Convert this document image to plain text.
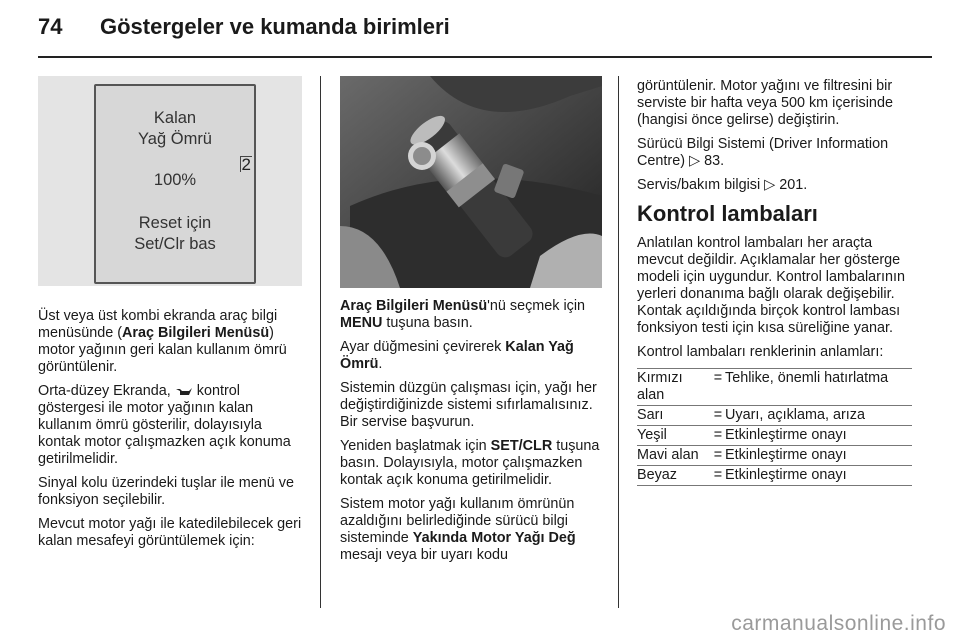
74 Göstergeler ve kumanda birimleri
Kalan
Yağ Ömrü
100%
Reset için
Set/Clr bas
2

Üst veya üst kombi ekranda araç bilgi menüsünde (Araç Bilgileri Menüsü) motor yağının geri kalan kullanım ömrü görüntülenir.

Orta-düzey Ekranda, kontrol göstergesi ile motor yağının kalan kullanım ömrü gösterilir, dolayısıyla kontak motor çalışmazken açık konuma getirilmelidir.

Sinyal kolu üzerindeki tuşlar ile menü ve fonksiyon seçilebilir.

Mevcut motor yağı ile katedilebilecek geri kalan mesafeyi görüntülemek için:

Araç Bilgileri Menüsü'nü seçmek için MENU tuşuna basın.

Ayar düğmesini çevirerek Kalan Yağ Ömrü.

Sistemin düzgün çalışması için, yağı her değiştirdiğinizde sistemi sıfırlamalısınız. Bir servise başvurun.

Yeniden başlatmak için SET/CLR tuşuna basın. Dolayısıyla, motor çalışmazken kontak açık konuma getirilmelidir.

Sistem motor yağı kullanım ömrünün azaldığını belirlediğinde sürücü bilgi sisteminde Yakında Motor Yağı Değ mesajı veya bir uyarı kodu

görüntülenir. Motor yağını ve filtresini bir serviste bir hafta veya 500 km içerisinde (hangisi önce gelirse) değiştirin.

Sürücü Bilgi Sistemi (Driver Information Centre) ▷ 83.

Servis/bakım bilgisi ▷ 201.

Kontrol lambaları

Anlatılan kontrol lambaları her araçta mevcut değildir. Açıklamalar her gösterge modeli için uygundur. Kontrol lambalarının yerleri donanıma bağlı olarak değişebilir. Kontak açıldığında birçok kontrol lambası fonksiyon testi için kısa süreliğine yanar.

Kontrol lambaları renklerinin anlamları:

Kırmızı alan
= Tehlike, önemli hatırlatma
Sarı	= Uyarı, açıklama, arıza
Yeşil	= Etkinleştirme onayı
Mavi alan	= Etkinleştirme onayı
Beyaz	= Etkinleştirme onayı
carmanualsonline.info
